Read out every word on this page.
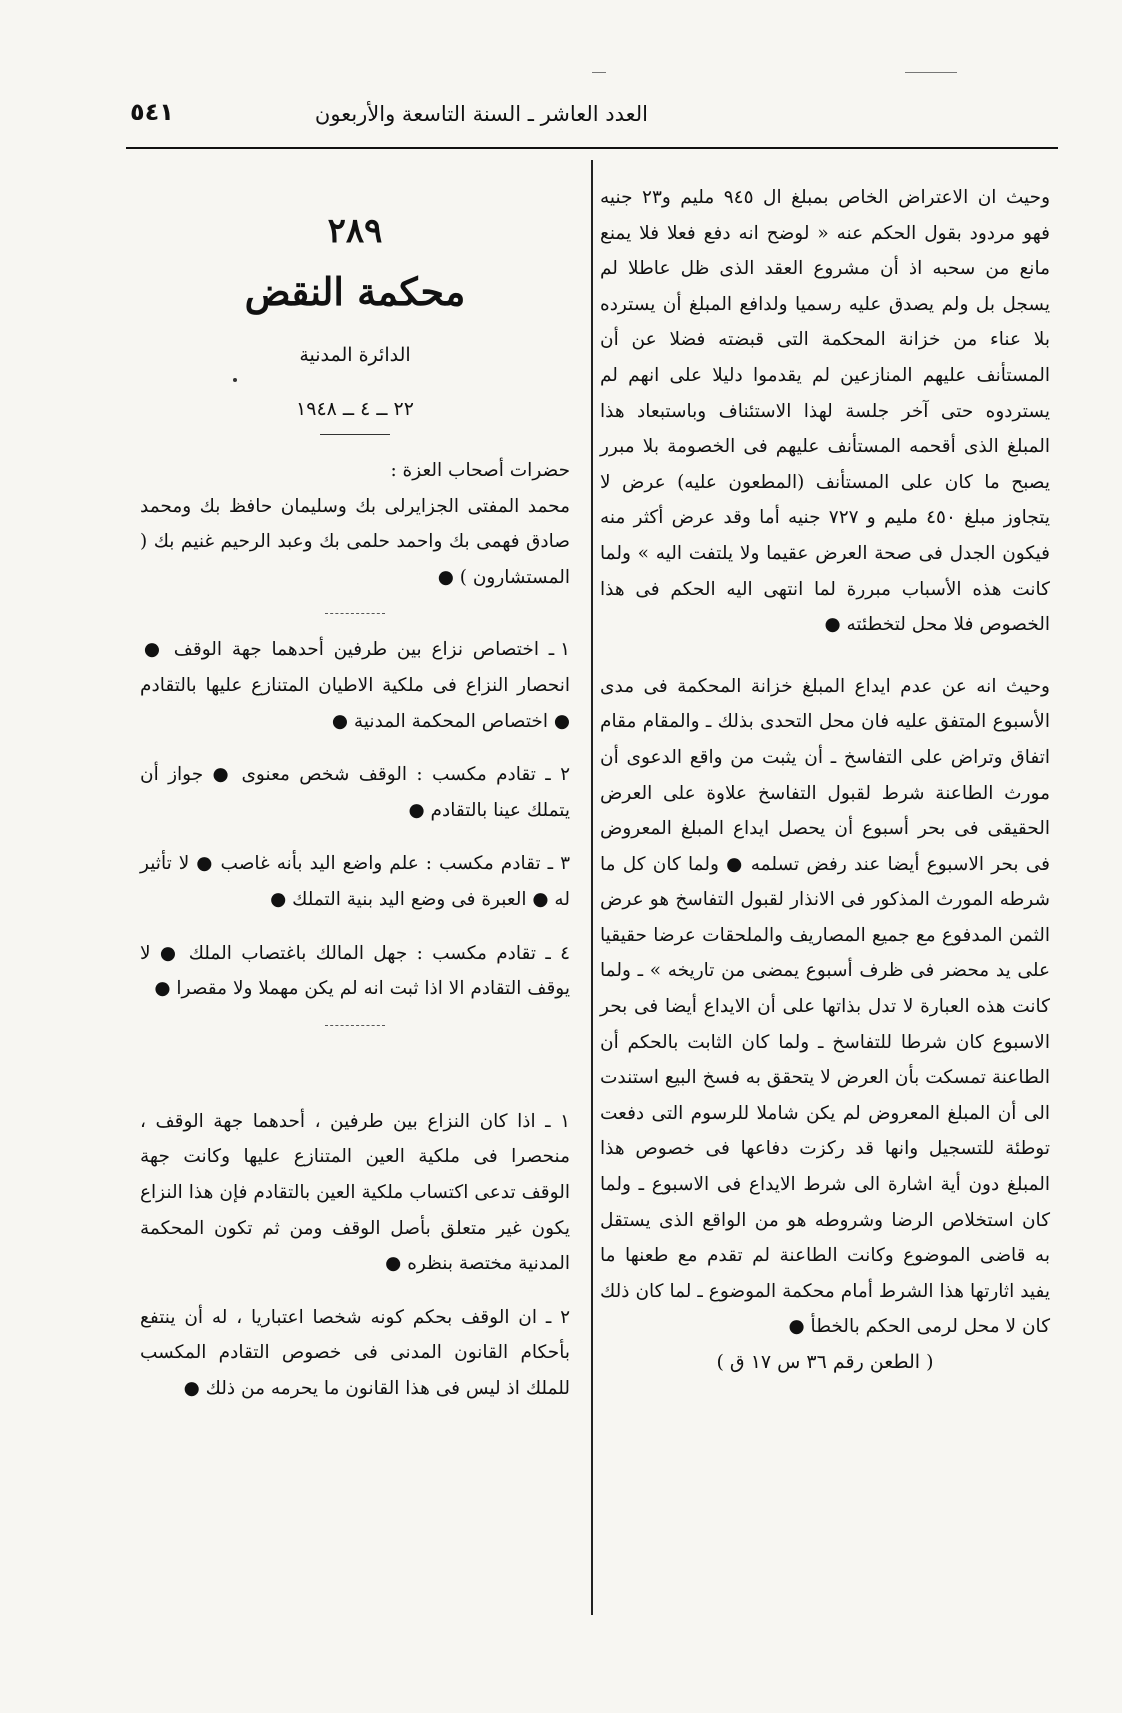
العدد العاشر ـ السنة التاسعة والأربعون
٥٤١

وحيث ان الاعتراض الخاص بمبلغ ال ٩٤٥ مليم و٢٣ جنيه فهو مردود بقول الحكم عنه « لوضح انه دفع فعلا فلا يمنع مانع من سحبه اذ أن مشروع العقد الذى ظل عاطلا لم يسجل بل ولم يصدق عليه رسميا ولدافع المبلغ أن يسترده بلا عناء من خزانة المحكمة التى قبضته فضلا عن أن المستأنف عليهم المنازعين لم يقدموا دليلا على انهم لم يستردوه حتى آخر جلسة لهذا الاستئناف وباستبعاد هذا المبلغ الذى أقحمه المستأنف عليهم فى الخصومة بلا مبرر يصبح ما كان على المستأنف (المطعون عليه) عرض لا يتجاوز مبلغ ٤٥٠ مليم و ٧٢٧ جنيه أما وقد عرض أكثر منه فيكون الجدل فى صحة العرض عقيما ولا يلتفت اليه » ولما كانت هذه الأسباب مبررة لما انتهى اليه الحكم فى هذا الخصوص فلا محل لتخطئته ●

وحيث انه عن عدم ايداع المبلغ خزانة المحكمة فى مدى الأسبوع المتفق عليه فان محل التحدى بذلك ـ والمقام مقام اتفاق وتراض على التفاسخ ـ أن يثبت من واقع الدعوى أن مورث الطاعنة شرط لقبول التفاسخ علاوة على العرض الحقيقى فى بحر أسبوع أن يحصل ايداع المبلغ المعروض فى بحر الاسبوع أيضا عند رفض تسلمه ● ولما كان كل ما شرطه المورث المذكور فى الانذار لقبول التفاسخ هو عرض الثمن المدفوع مع جميع المصاريف والملحقات عرضا حقيقيا على يد محضر فى ظرف أسبوع يمضى من تاريخه » ـ ولما كانت هذه العبارة لا تدل بذاتها على أن الايداع أيضا فى بحر الاسبوع كان شرطا للتفاسخ ـ ولما كان الثابت بالحكم أن الطاعنة تمسكت بأن العرض لا يتحقق به فسخ البيع استندت الى أن المبلغ المعروض لم يكن شاملا للرسوم التى دفعت توطئة للتسجيل وانها قد ركزت دفاعها فى خصوص هذا المبلغ دون أية اشارة الى شرط الايداع فى الاسبوع ـ ولما كان استخلاص الرضا وشروطه هو من الواقع الذى يستقل به قاضى الموضوع وكانت الطاعنة لم تقدم مع طعنها ما يفيد اثارتها هذا الشرط أمام محكمة الموضوع ـ لما كان ذلك كان لا محل لرمى الحكم بالخطأ ●

( الطعن رقم ٣٦ س ١٧ ق )

٢٨٩
محكمة النقض
الدائرة المدنية
٢٢ ــ ٤ ــ ١٩٤٨

حضرات أصحاب العزة :

محمد المفتى الجزايرلى بك وسليمان حافظ بك ومحمد صادق فهمى بك واحمد حلمى بك وعبد الرحيم غنيم بك ( المستشارون ) ●

١ ـ اختصاص نزاع بين طرفين أحدهما جهة الوقف ● انحصار النزاع فى ملكية الاطيان المتنازع عليها بالتقادم ● اختصاص المحكمة المدنية ●

٢ ـ تقادم مكسب : الوقف شخص معنوى ● جواز أن يتملك عينا بالتقادم ●

٣ ـ تقادم مكسب : علم واضع اليد بأنه غاصب ● لا تأثير له ● العبرة فى وضع اليد بنية التملك ●

٤ ـ تقادم مكسب : جهل المالك باغتصاب الملك ● لا يوقف التقادم الا اذا ثبت انه لم يكن مهملا ولا مقصرا ●

١ ـ اذا كان النزاع بين طرفين ، أحدهما جهة الوقف ، منحصرا فى ملكية العين المتنازع عليها وكانت جهة الوقف تدعى اكتساب ملكية العين بالتقادم فإن هذا النزاع يكون غير متعلق بأصل الوقف ومن ثم تكون المحكمة المدنية مختصة بنظره ●

٢ ـ ان الوقف بحكم كونه شخصا اعتباريا ، له أن ينتفع بأحكام القانون المدنى فى خصوص التقادم المكسب للملك اذ ليس فى هذا القانون ما يحرمه من ذلك ●
